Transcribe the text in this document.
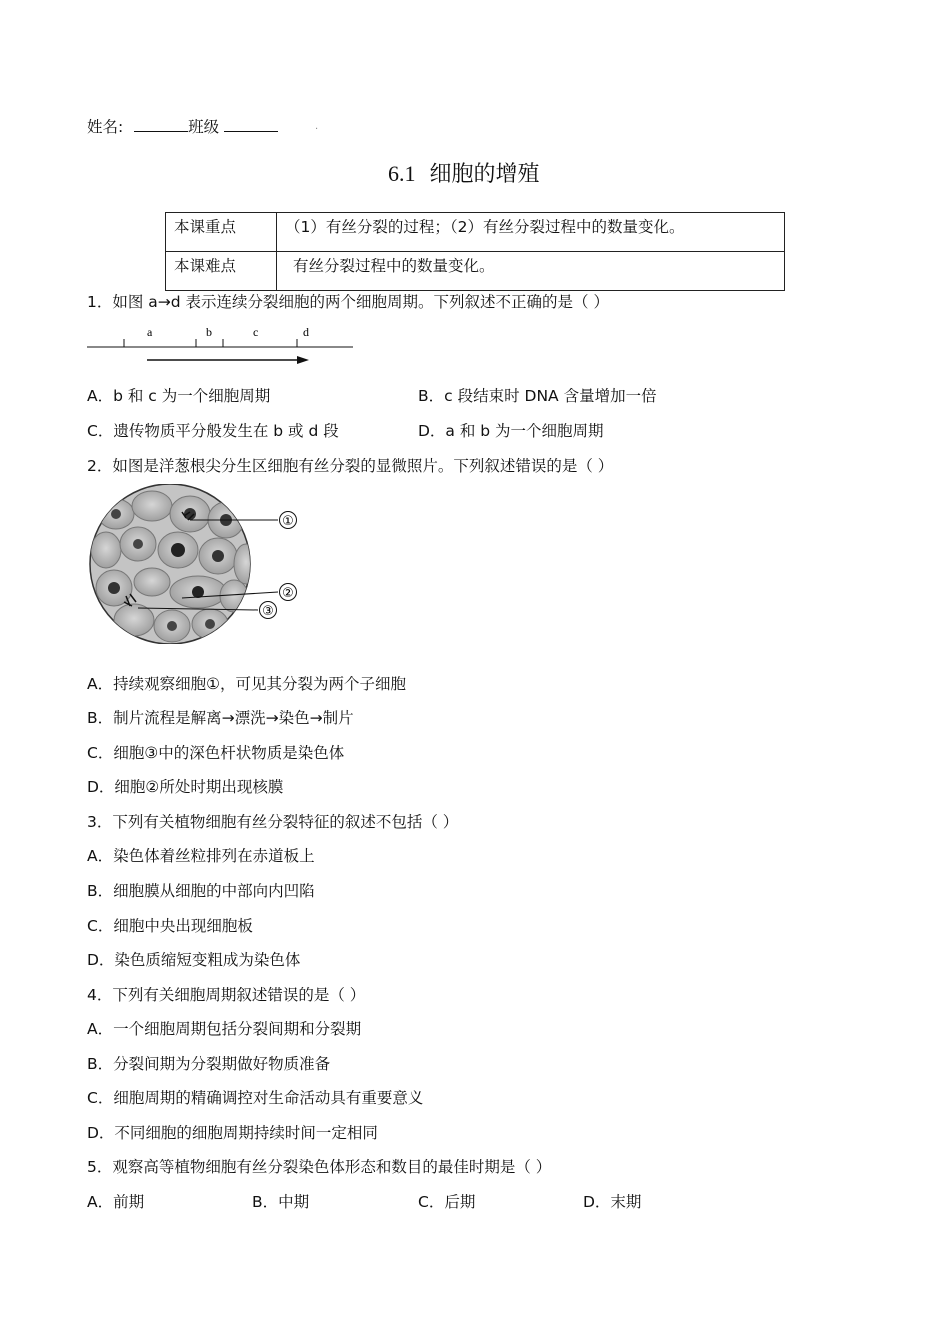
姓名:	班级	.
6.1 细胞的增殖
本课重点	（1）有丝分裂的过程；（2）有丝分裂过程中的数量变化。
本课难点	有丝分裂过程中的数量变化。
1．如图 a→d 表示连续分裂细胞的两个细胞周期。下列叙述不正确的是（ ）
a	b	c	d
A．b 和 c 为一个细胞周期	B．c 段结束时 DNA 含量增加一倍
C．遗传物质平分般发生在 b 或 d 段	D．a 和 b 为一个细胞周期
2．如图是洋葱根尖分生区细胞有丝分裂的显微照片。下列叙述错误的是（ ）
①
②
③
A．持续观察细胞①，可见其分裂为两个子细胞
B．制片流程是解离→漂洗→染色→制片
C．细胞③中的深色杆状物质是染色体
D．细胞②所处时期出现核膜
3．下列有关植物细胞有丝分裂特征的叙述不包括（ ）
A．染色体着丝粒排列在赤道板上
B．细胞膜从细胞的中部向内凹陷
C．细胞中央出现细胞板
D．染色质缩短变粗成为染色体
4．下列有关细胞周期叙述错误的是（ ）
A．一个细胞周期包括分裂间期和分裂期
B．分裂间期为分裂期做好物质准备
C．细胞周期的精确调控对生命活动具有重要意义
D．不同细胞的细胞周期持续时间一定相同
5．观察高等植物细胞有丝分裂染色体形态和数目的最佳时期是（ ）
A．前期	B．中期	C．后期	D．末期
